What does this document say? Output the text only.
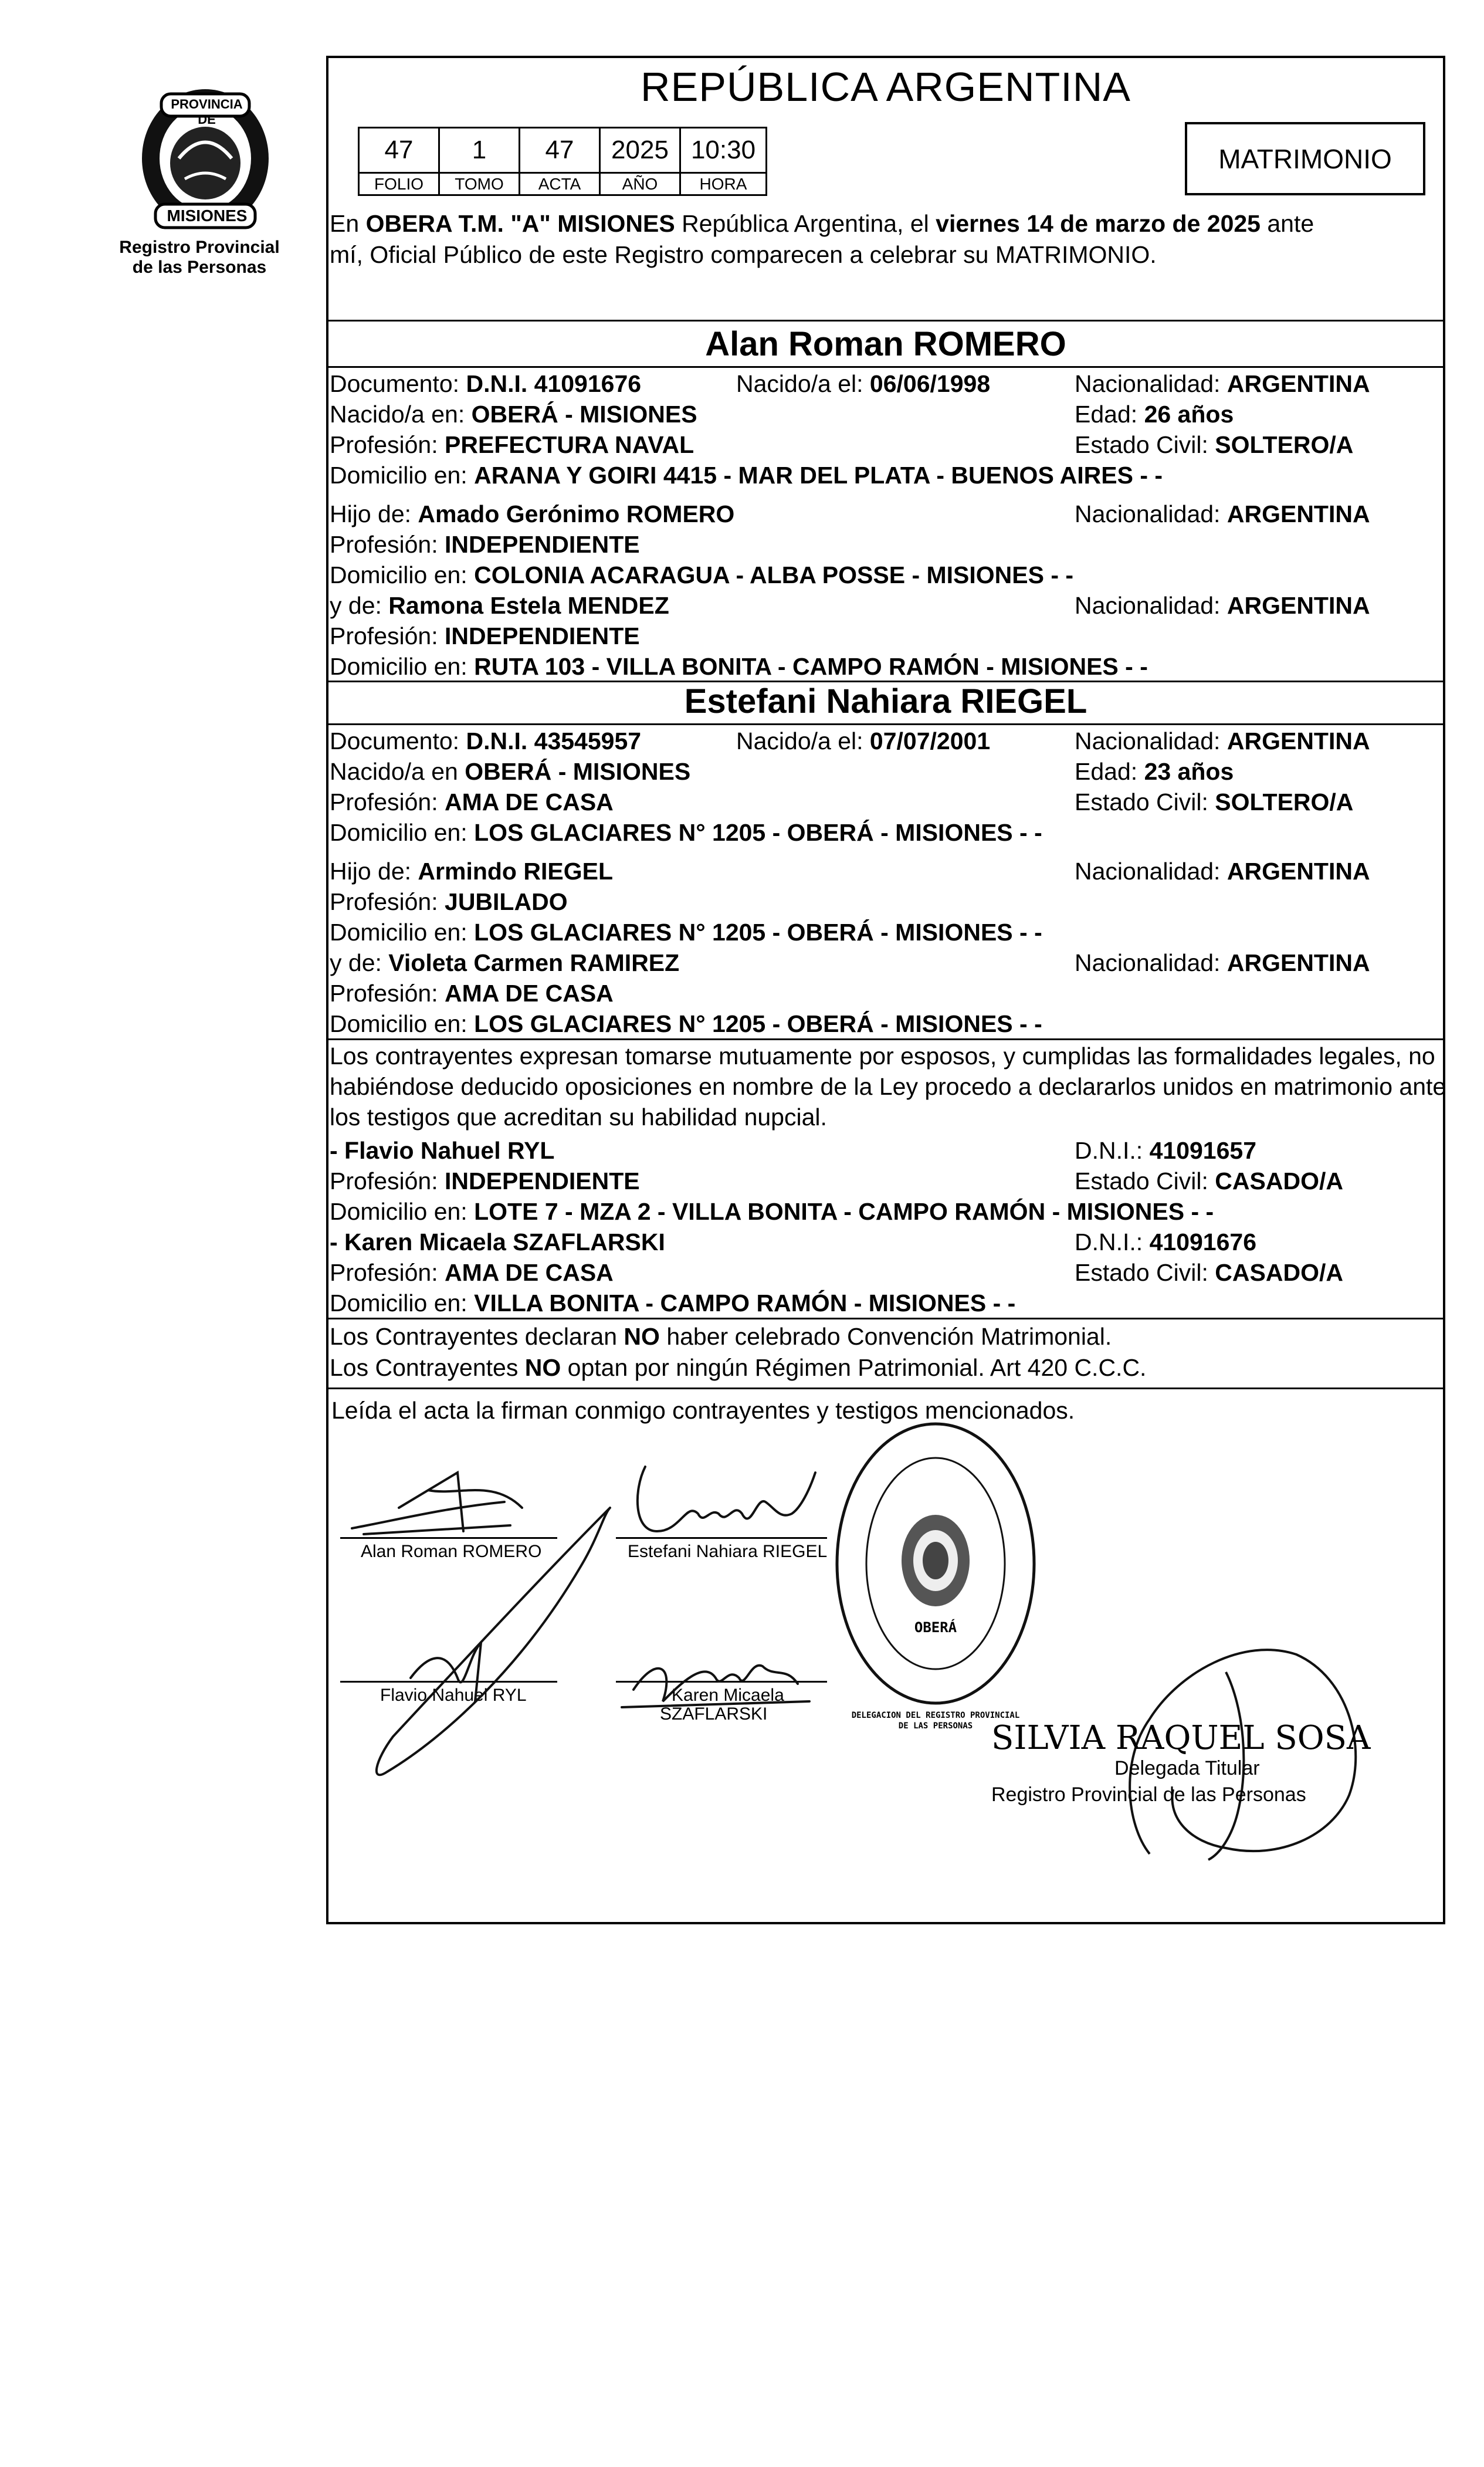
PROVINCIA DE
MISIONES
Registro Provincial
de las Personas
REPÚBLICA ARGENTINA
47	1	47	2025 10:30
FOLIO	TOMO	ACTA	AÑO	HORA
MATRIMONIO
En OBERA T.M. "A" MISIONES República Argentina, el viernes 14 de marzo de 2025 ante
mí, Oficial Público de este Registro comparecen a celebrar su MATRIMONIO.
Alan Roman ROMERO
Documento: D.N.I. 41091676	Nacido/a el: 06/06/1998	Nacionalidad: ARGENTINA
Nacido/a en: OBERÁ - MISIONES	Edad: 26 años
Profesión: PREFECTURA NAVAL	Estado Civil: SOLTERO/A
Domicilio en: ARANA Y GOIRI 4415 - MAR DEL PLATA - BUENOS AIRES - -
Hijo de: Amado Gerónimo ROMERO	Nacionalidad: ARGENTINA
Profesión: INDEPENDIENTE
Domicilio en: COLONIA ACARAGUA - ALBA POSSE - MISIONES - -
y de: Ramona Estela MENDEZ	Nacionalidad: ARGENTINA
Profesión: INDEPENDIENTE
Domicilio en: RUTA 103 - VILLA BONITA - CAMPO RAMÓN - MISIONES - -
Estefani Nahiara RIEGEL
Documento: D.N.I. 43545957	Nacido/a el: 07/07/2001	Nacionalidad: ARGENTINA
Nacido/a en OBERÁ - MISIONES	Edad: 23 años
Profesión: AMA DE CASA	Estado Civil: SOLTERO/A
Domicilio en: LOS GLACIARES N° 1205 - OBERÁ - MISIONES - -
Hijo de: Armindo RIEGEL	Nacionalidad: ARGENTINA
Profesión: JUBILADO
Domicilio en: LOS GLACIARES N° 1205 - OBERÁ - MISIONES - -
y de: Violeta Carmen RAMIREZ	Nacionalidad: ARGENTINA
Profesión: AMA DE CASA
Domicilio en: LOS GLACIARES N° 1205 - OBERÁ - MISIONES - -
Los contrayentes expresan tomarse mutuamente por esposos, y cumplidas las formalidades legales, no
habiéndose deducido oposiciones en nombre de la Ley procedo a declararlos unidos en matrimonio ante
los testigos que acreditan su habilidad nupcial.
- Flavio Nahuel RYL	D.N.I.: 41091657
Profesión: INDEPENDIENTE	Estado Civil: CASADO/A
Domicilio en: LOTE 7 - MZA 2 - VILLA BONITA - CAMPO RAMÓN - MISIONES - -
- Karen Micaela SZAFLARSKI	D.N.I.: 41091676
Profesión: AMA DE CASA	Estado Civil: CASADO/A
Domicilio en: VILLA BONITA - CAMPO RAMÓN - MISIONES - -
Los Contrayentes declaran NO haber celebrado Convención Matrimonial.
Los Contrayentes NO optan por ningún Régimen Patrimonial. Art 420 C.C.C.
Leída el acta la firman conmigo contrayentes y testigos mencionados.
Alan Roman ROMERO	Estefani Nahiara RIEGEL
Flavio Nahuel RYL	Karen Micaela
SZAFLARSKI	DELEGACION DEL REGISTRO PROVINCIAL DE LAS PERSONAS
OBERÁ
SILVIA RAQUEL SOSA
Delegada Titular
Registro Provincial de las Personas
